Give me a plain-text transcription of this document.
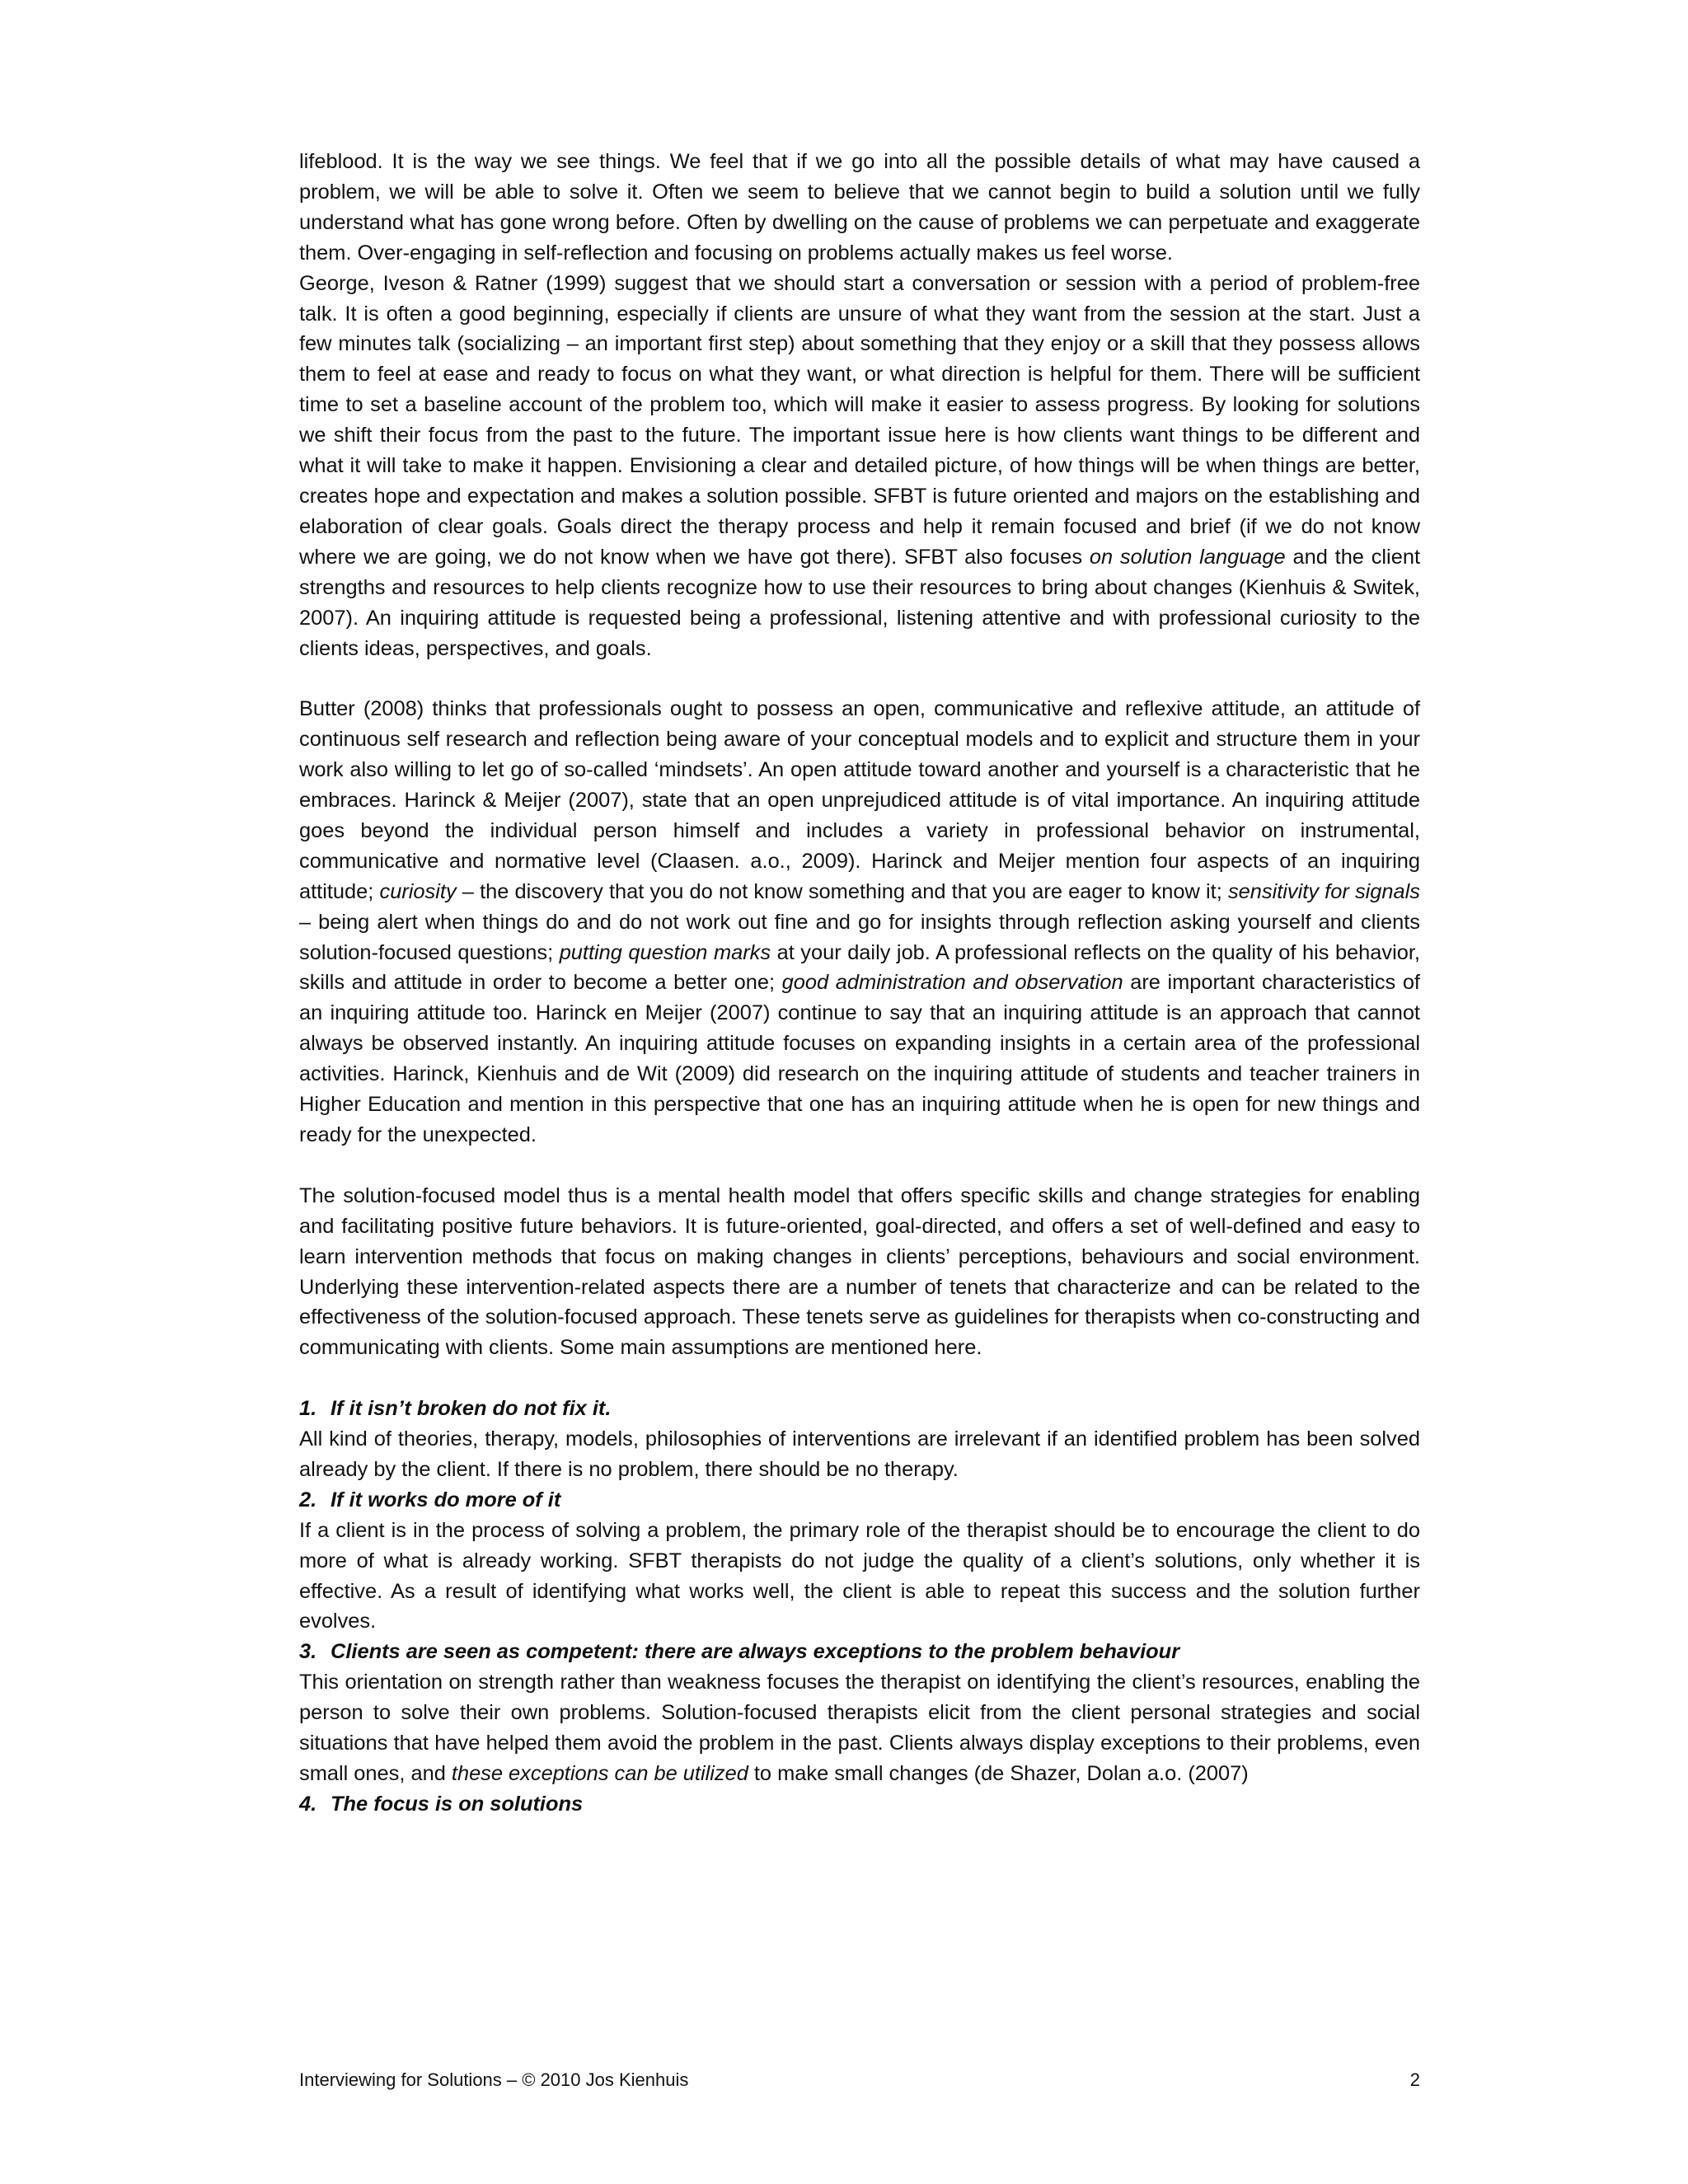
lifeblood. It is the way we see things. We feel that if we go into all the possible details of what may have caused a problem, we will be able to solve it. Often we seem to believe that we cannot begin to build a solution until we fully understand what has gone wrong before. Often by dwelling on the cause of problems we can perpetuate and exaggerate them. Over-engaging in self-reflection and focusing on problems actually makes us feel worse.

George, Iveson & Ratner (1999) suggest that we should start a conversation or session with a period of problem-free talk. It is often a good beginning, especially if clients are unsure of what they want from the session at the start. Just a few minutes talk (socializing – an important first step) about something that they enjoy or a skill that they possess allows them to feel at ease and ready to focus on what they want, or what direction is helpful for them. There will be sufficient time to set a baseline account of the problem too, which will make it easier to assess progress. By looking for solutions we shift their focus from the past to the future. The important issue here is how clients want things to be different and what it will take to make it happen. Envisioning a clear and detailed picture, of how things will be when things are better, creates hope and expectation and makes a solution possible. SFBT is future oriented and majors on the establishing and elaboration of clear goals. Goals direct the therapy process and help it remain focused and brief (if we do not know where we are going, we do not know when we have got there). SFBT also focuses on solution language and the client strengths and resources to help clients recognize how to use their resources to bring about changes (Kienhuis & Switek, 2007). An inquiring attitude is requested being a professional, listening attentive and with professional curiosity to the clients ideas, perspectives, and goals.

Butter (2008) thinks that professionals ought to possess an open, communicative and reflexive attitude, an attitude of continuous self research and reflection being aware of your conceptual models and to explicit and structure them in your work also willing to let go of so-called ‘mindsets’. An open attitude toward another and yourself is a characteristic that he embraces. Harinck & Meijer (2007), state that an open unprejudiced attitude is of vital importance. An inquiring attitude goes beyond the individual person himself and includes a variety in professional behavior on instrumental, communicative and normative level (Claasen. a.o., 2009). Harinck and Meijer mention four aspects of an inquiring attitude; curiosity – the discovery that you do not know something and that you are eager to know it; sensitivity for signals – being alert when things do and do not work out fine and go for insights through reflection asking yourself and clients solution-focused questions; putting question marks at your daily job. A professional reflects on the quality of his behavior, skills and attitude in order to become a better one; good administration and observation are important characteristics of an inquiring attitude too. Harinck en Meijer (2007) continue to say that an inquiring attitude is an approach that cannot always be observed instantly. An inquiring attitude focuses on expanding insights in a certain area of the professional activities. Harinck, Kienhuis and de Wit (2009) did research on the inquiring attitude of students and teacher trainers in Higher Education and mention in this perspective that one has an inquiring attitude when he is open for new things and ready for the unexpected.

The solution-focused model thus is a mental health model that offers specific skills and change strategies for enabling and facilitating positive future behaviors. It is future-oriented, goal-directed, and offers a set of well-defined and easy to learn intervention methods that focus on making changes in clients’ perceptions, behaviours and social environment. Underlying these intervention-related aspects there are a number of tenets that characterize and can be related to the effectiveness of the solution-focused approach. These tenets serve as guidelines for therapists when co-constructing and communicating with clients. Some main assumptions are mentioned here.

1. If it isn’t broken do not fix it.

All kind of theories, therapy, models, philosophies of interventions are irrelevant if an identified problem has been solved already by the client. If there is no problem, there should be no therapy.

2. If it works do more of it

If a client is in the process of solving a problem, the primary role of the therapist should be to encourage the client to do more of what is already working. SFBT therapists do not judge the quality of a client’s solutions, only whether it is effective. As a result of identifying what works well, the client is able to repeat this success and the solution further evolves.

3. Clients are seen as competent: there are always exceptions to the problem behaviour

This orientation on strength rather than weakness focuses the therapist on identifying the client’s resources, enabling the person to solve their own problems. Solution-focused therapists elicit from the client personal strategies and social situations that have helped them avoid the problem in the past. Clients always display exceptions to their problems, even small ones, and these exceptions can be utilized to make small changes (de Shazer, Dolan a.o. (2007)

4. The focus is on solutions

Interviewing for Solutions – © 2010 Jos Kienhuis	2
